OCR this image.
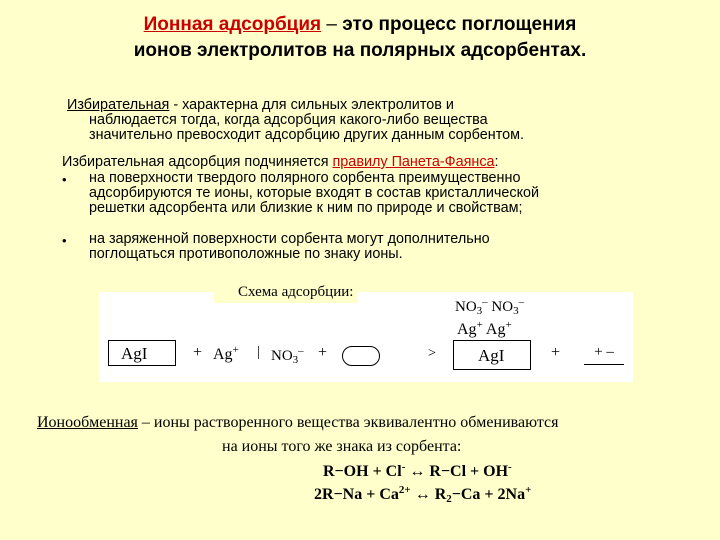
Ионная адсорбция – это процесс поглощения
ионов электролитов на полярных адсорбентах.
Избирательная - характерна для сильных электролитов и
наблюдается тогда, когда адсорбция какого-либо вещества
значительно превосходит адсорбцию других данным сорбентом.
Избирательная адсорбция подчиняется правилу Панета-Фаянса:
• на поверхности твердого полярного сорбента преимущественно
адсорбируются те ионы, которые входят в состав кристаллической
решетки адсорбента или близкие к ним по природе и свойствам;
• на заряженной поверхности сорбента могут дополнительно
поглощаться противоположные по знаку ионы.
Схема адсорбции:
$NO_3^-$ $NO_3^-$
Ag+ Ag+
AgI	+ Ag+ | $NO_3^-$ +	>	AgI	+	+ –
Ионообменная – ионы растворенного вещества эквивалентно обмениваются
на ионы того же знака из сорбента:
R−OH + Cl- ↔ R−Cl + OH-
$2R-Na + Ca^{2+}$ ↔ $R_2-Ca + 2Na^+$
